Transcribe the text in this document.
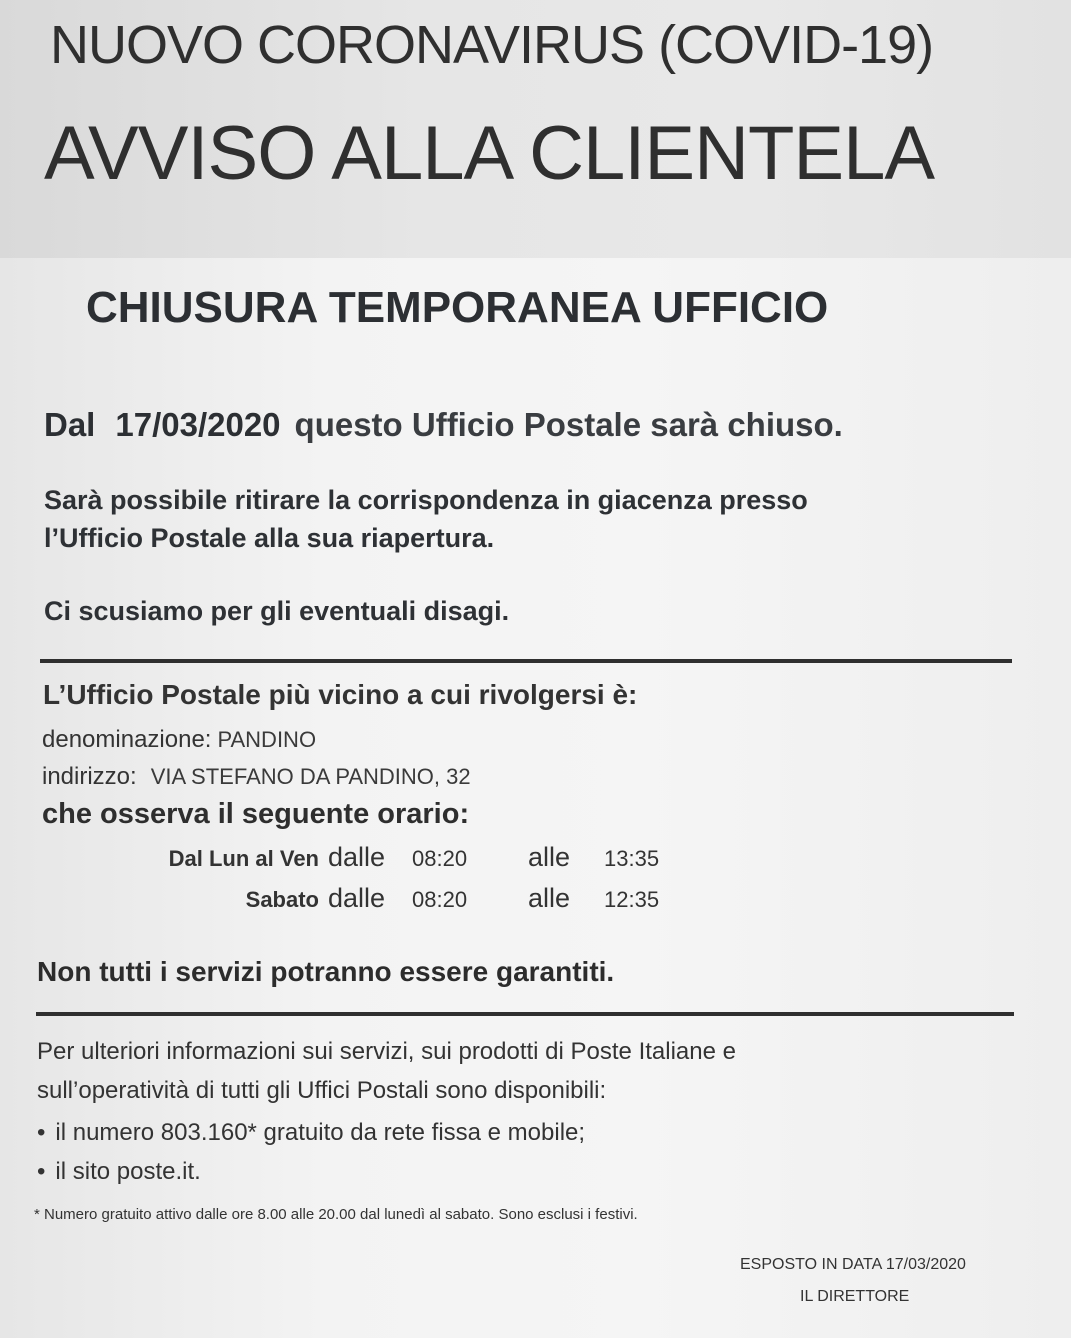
NUOVO CORONAVIRUS (COVID-19)

AVVISO ALLA CLIENTELA

CHIUSURA TEMPORANEA UFFICIO

Dal 17/03/2020 questo Ufficio Postale sarà chiuso.

Sarà possibile ritirare la corrispondenza in giacenza presso

l’Ufficio Postale alla sua riapertura.

Ci scusiamo per gli eventuali disagi.

L’Ufficio Postale più vicino a cui rivolgersi è:

denominazione: PANDINO

indirizzo: VIA STEFANO DA PANDINO, 32

che osserva il seguente orario:

Dal Lun al Ven dalle 08:20 alle 13:35
Sabato dalle 08:20 alle 12:35

Non tutti i servizi potranno essere garantiti.

Per ulteriori informazioni sui servizi, sui prodotti di Poste Italiane e

sull’operatività di tutti gli Uffici Postali sono disponibili:

• il numero 803.160* gratuito da rete fissa e mobile;

• il sito poste.it.

* Numero gratuito attivo dalle ore 8.00 alle 20.00 dal lunedì al sabato. Sono esclusi i festivi.

ESPOSTO IN DATA 17/03/2020

IL DIRETTORE
